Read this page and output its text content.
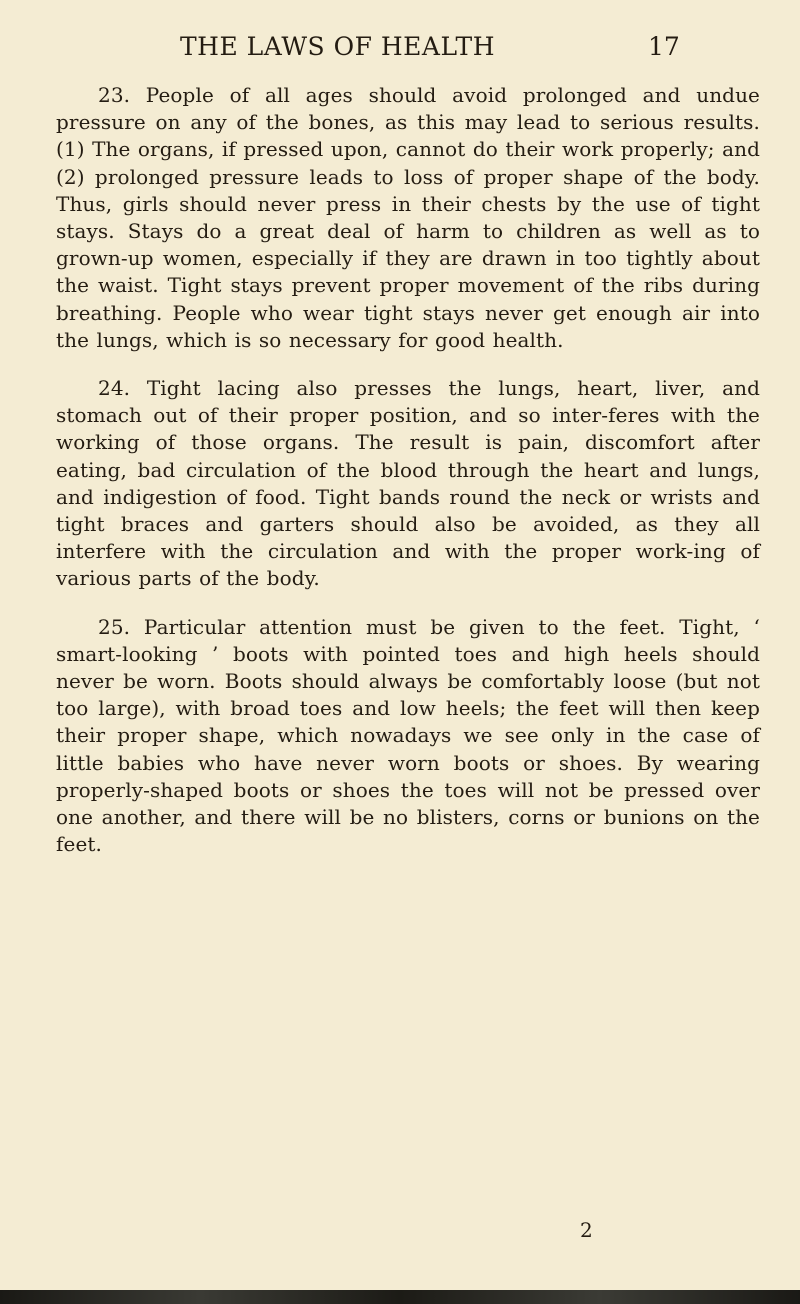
THE LAWS OF HEALTH	17

23. People of all ages should avoid prolonged and undue pressure on any of the bones, as this may lead to serious results. (1) The organs, if pressed upon, cannot do their work properly; and (2) prolonged pressure leads to loss of proper shape of the body. Thus, girls should never press in their chests by the use of tight stays. Stays do a great deal of harm to children as well as to grown-up women, especially if they are drawn in too tightly about the waist. Tight stays prevent proper movement of the ribs during breathing. People who wear tight stays never get enough air into the lungs, which is so necessary for good health.

24. Tight lacing also presses the lungs, heart, liver, and stomach out of their proper position, and so inter-feres with the working of those organs. The result is pain, discomfort after eating, bad circulation of the blood through the heart and lungs, and indigestion of food. Tight bands round the neck or wrists and tight braces and garters should also be avoided, as they all interfere with the circulation and with the proper work-ing of various parts of the body.

25. Particular attention must be given to the feet. Tight, ‘ smart-looking ’ boots with pointed toes and high heels should never be worn. Boots should always be comfortably loose (but not too large), with broad toes and low heels; the feet will then keep their proper shape, which nowadays we see only in the case of little babies who have never worn boots or shoes. By wearing properly-shaped boots or shoes the toes will not be pressed over one another, and there will be no blisters, corns or bunions on the feet.

2
